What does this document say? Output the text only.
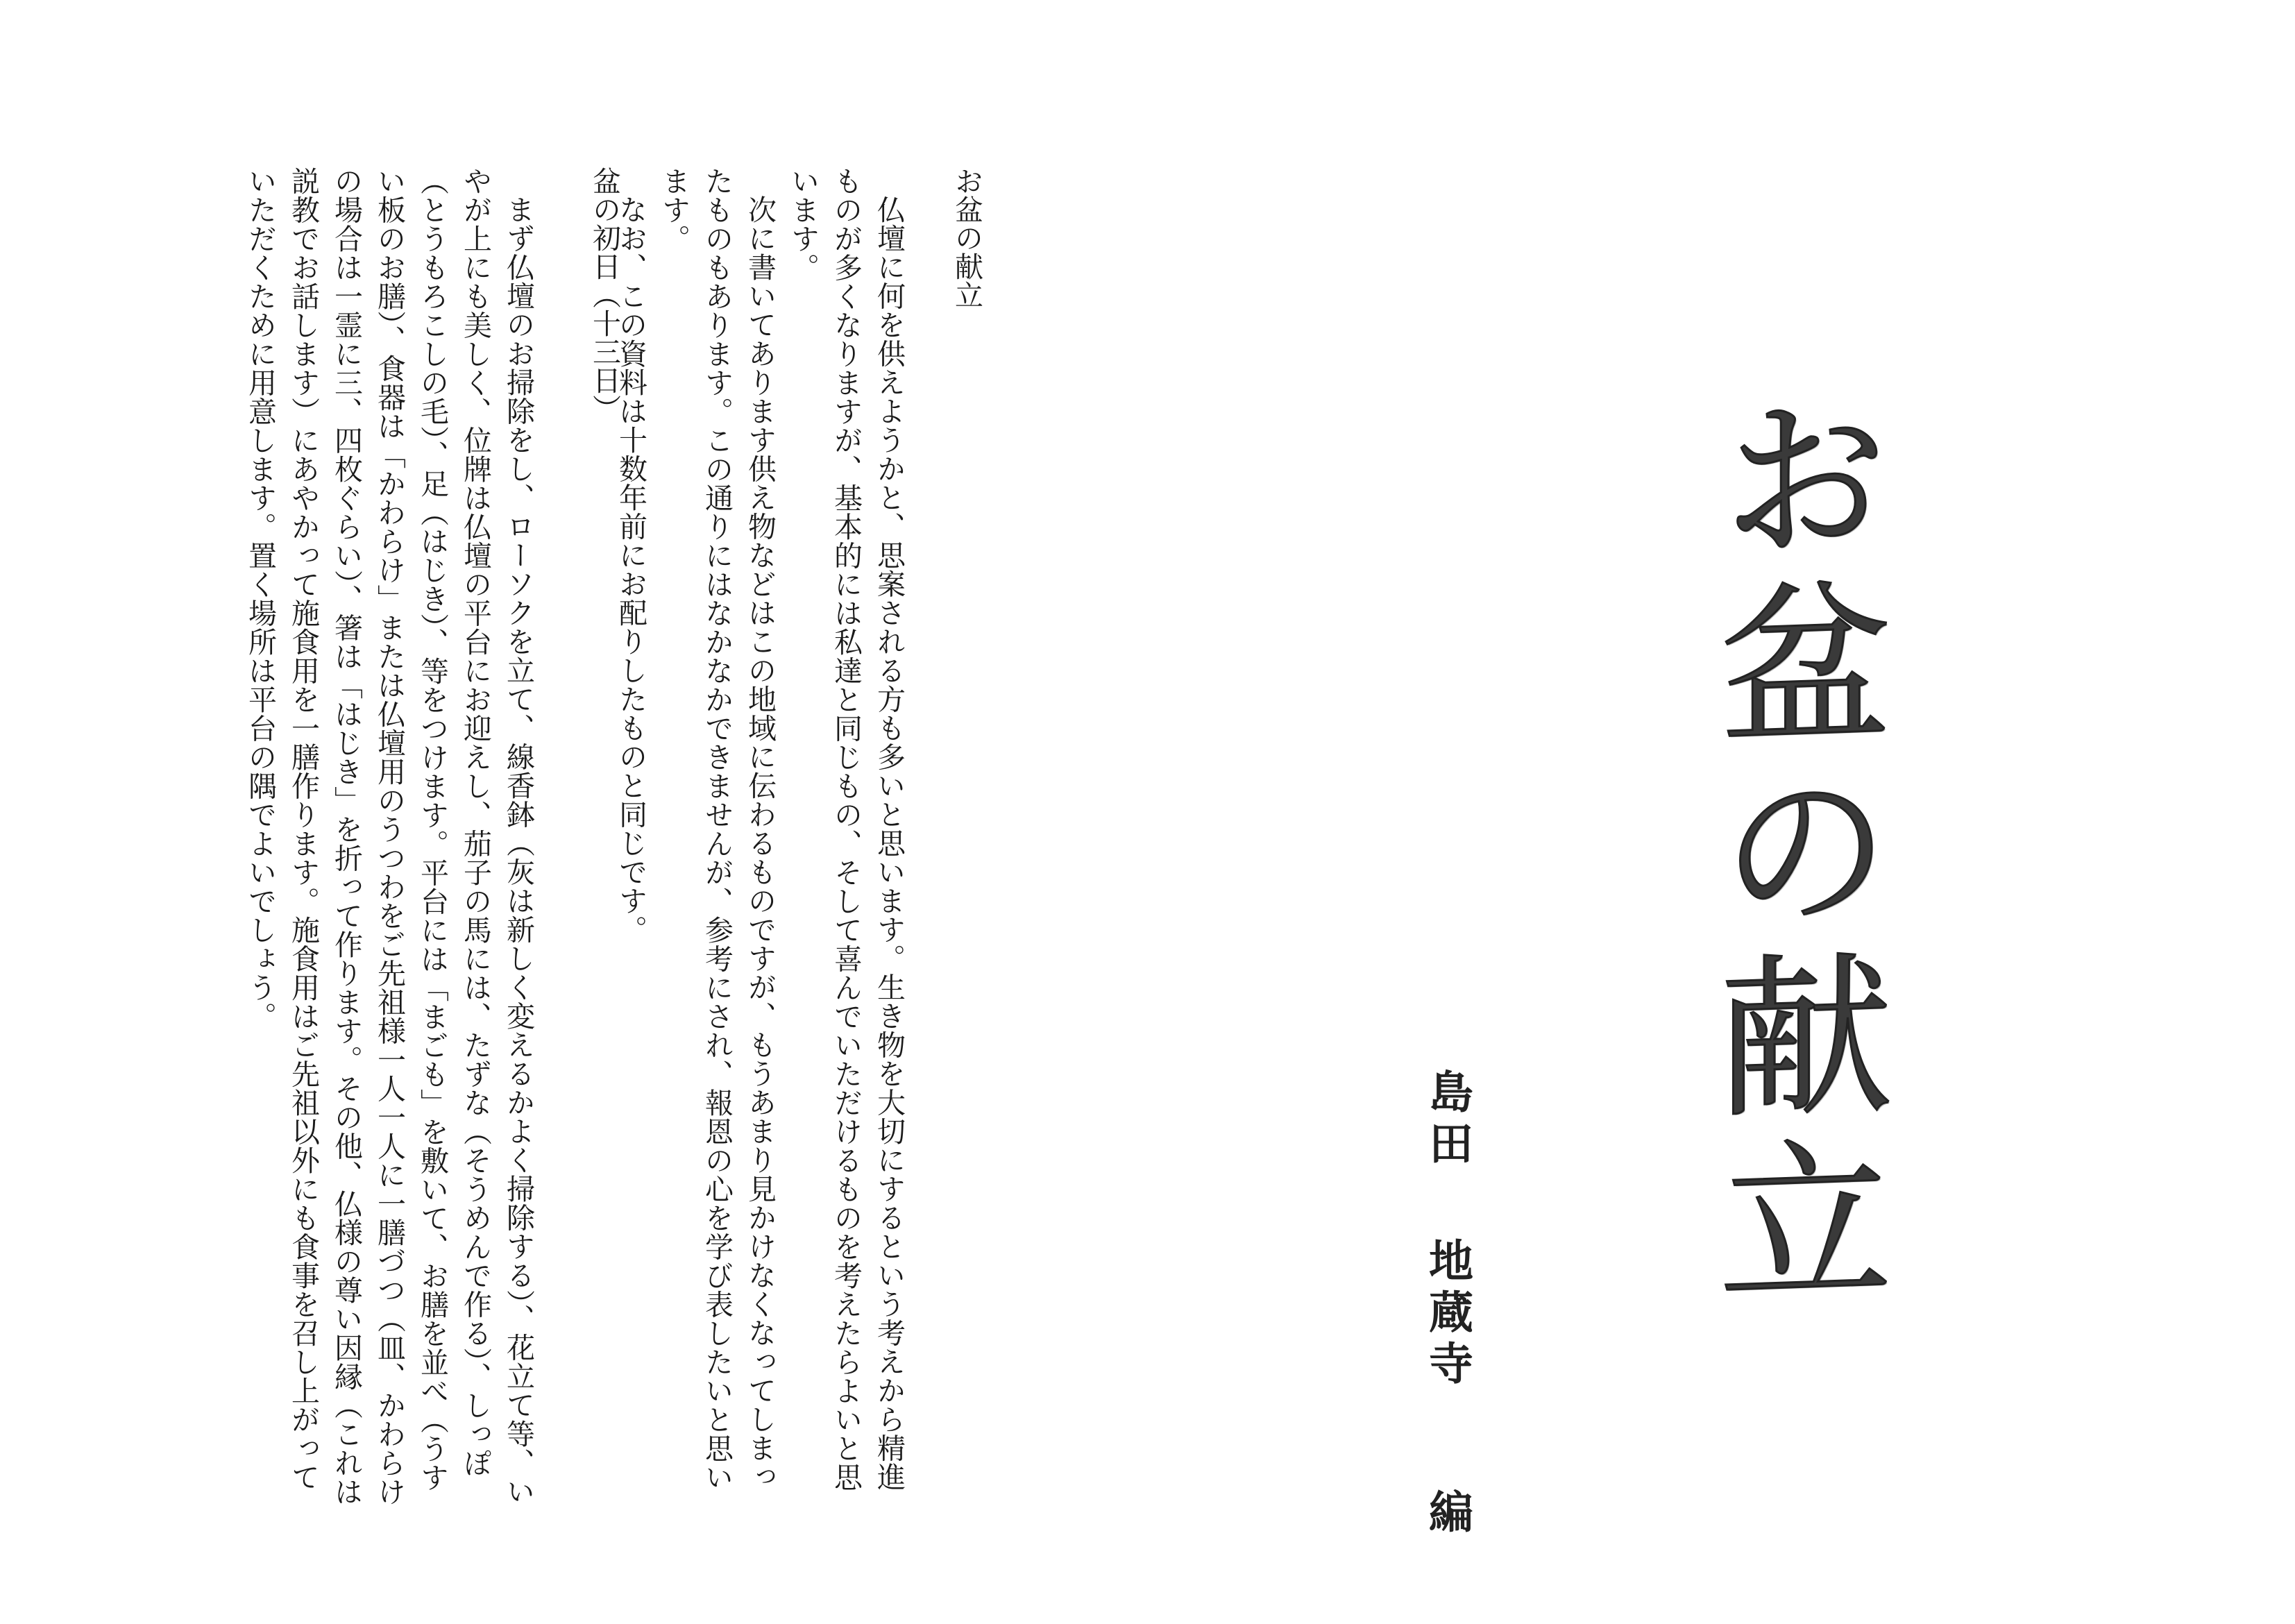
お盆の献立
島田地蔵寺編
お盆の献立

仏壇に何を供えようかと、思案される方も多いと思います。生き物を大切にするという考えから精進ものが多くなりますが、基本的には私達と同じもの、そして喜んでいただけるものを考えたらよいと思います。

次に書いてあります供え物などはこの地域に伝わるものですが、もうあまり見かけなくなってしまったものもあります。この通りにはなかなかできませんが、参考にされ、報恩の心を学び表したいと思います。

なお、この資料は十数年前にお配りしたものと同じです。

盆の初日（十三日）

まず仏壇のお掃除をし、ローソクを立て、線香鉢（灰は新しく変えるかよく掃除する）、花立て等、いやが上にも美しく、位牌は仏壇の平台にお迎えし、茄子の馬には、たずな（そうめんで作る）、しっぽ（とうもろこしの毛）、足（はじき）、等をつけます。平台には「まごも」を敷いて、お膳を並べ（うすい板のお膳）、食器は「かわらけ」または仏壇用のうつわをご先祖様一人一人に一膳づつ（皿、かわらけの場合は一霊に三、四枚ぐらい）、箸は「はじき」を折って作ります。その他、仏様の尊い因縁（これは説教でお話します）にあやかって施食用を一膳作ります。施食用はご先祖以外にも食事を召し上がっていただくために用意します。置く場所は平台の隅でよいでしょう。
